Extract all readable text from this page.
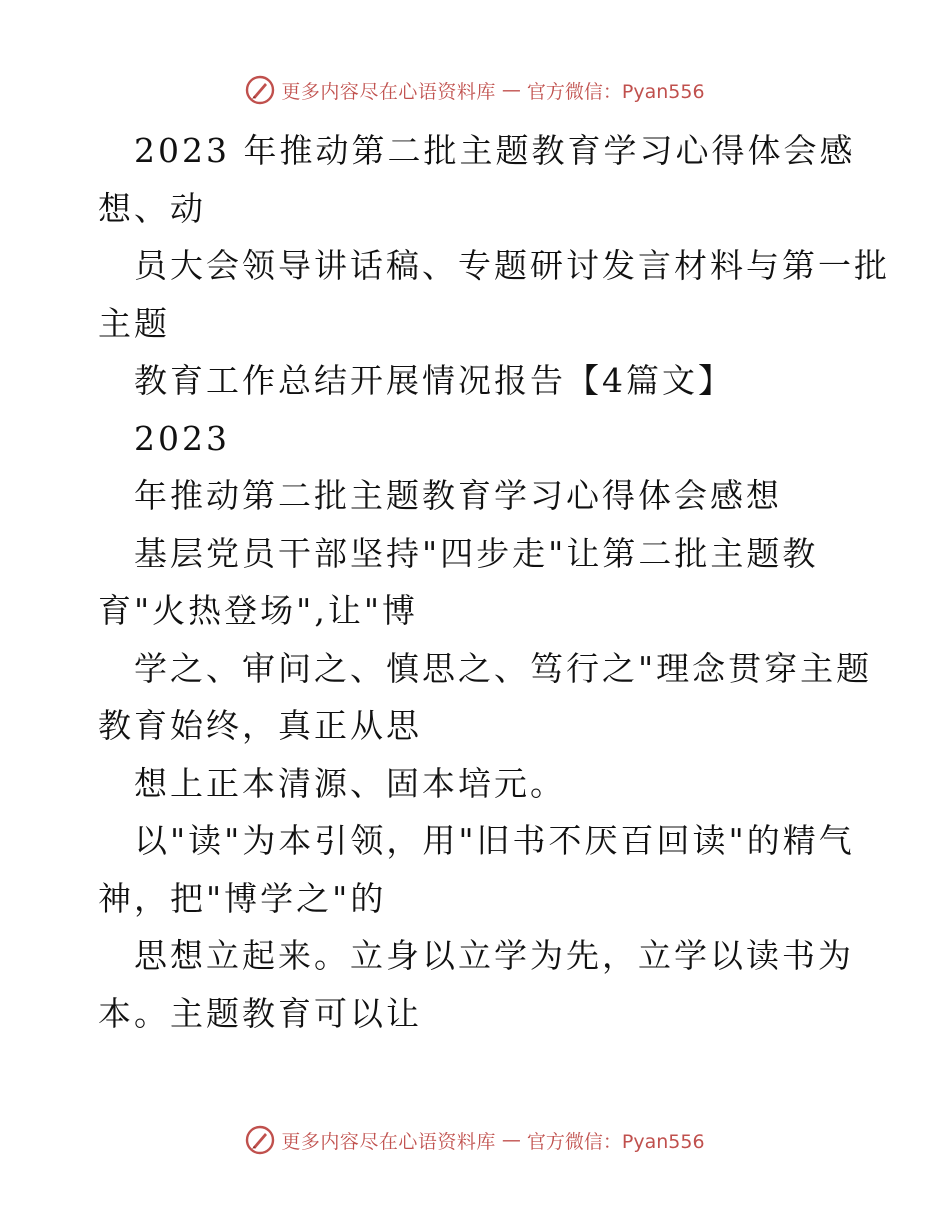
更多内容尽在心语资料库 — 官方微信：Pyan556
2023 年推动第二批主题教育学习心得体会感
想、动
员大会领导讲话稿、专题研讨发言材料与第一批
主题
教育工作总结开展情况报告【4篇文】
2023
年推动第二批主题教育学习心得体会感想
基层党员干部坚持"四步走"让第二批主题教
育"火热登场",让"博
学之、审问之、慎思之、笃行之"理念贯穿主题
教育始终，真正从思
想上正本清源、固本培元。
以"读"为本引领，用"旧书不厌百回读"的精气
神，把"博学之"的
思想立起来。立身以立学为先，立学以读书为
本。主题教育可以让
更多内容尽在心语资料库 — 官方微信：Pyan556
